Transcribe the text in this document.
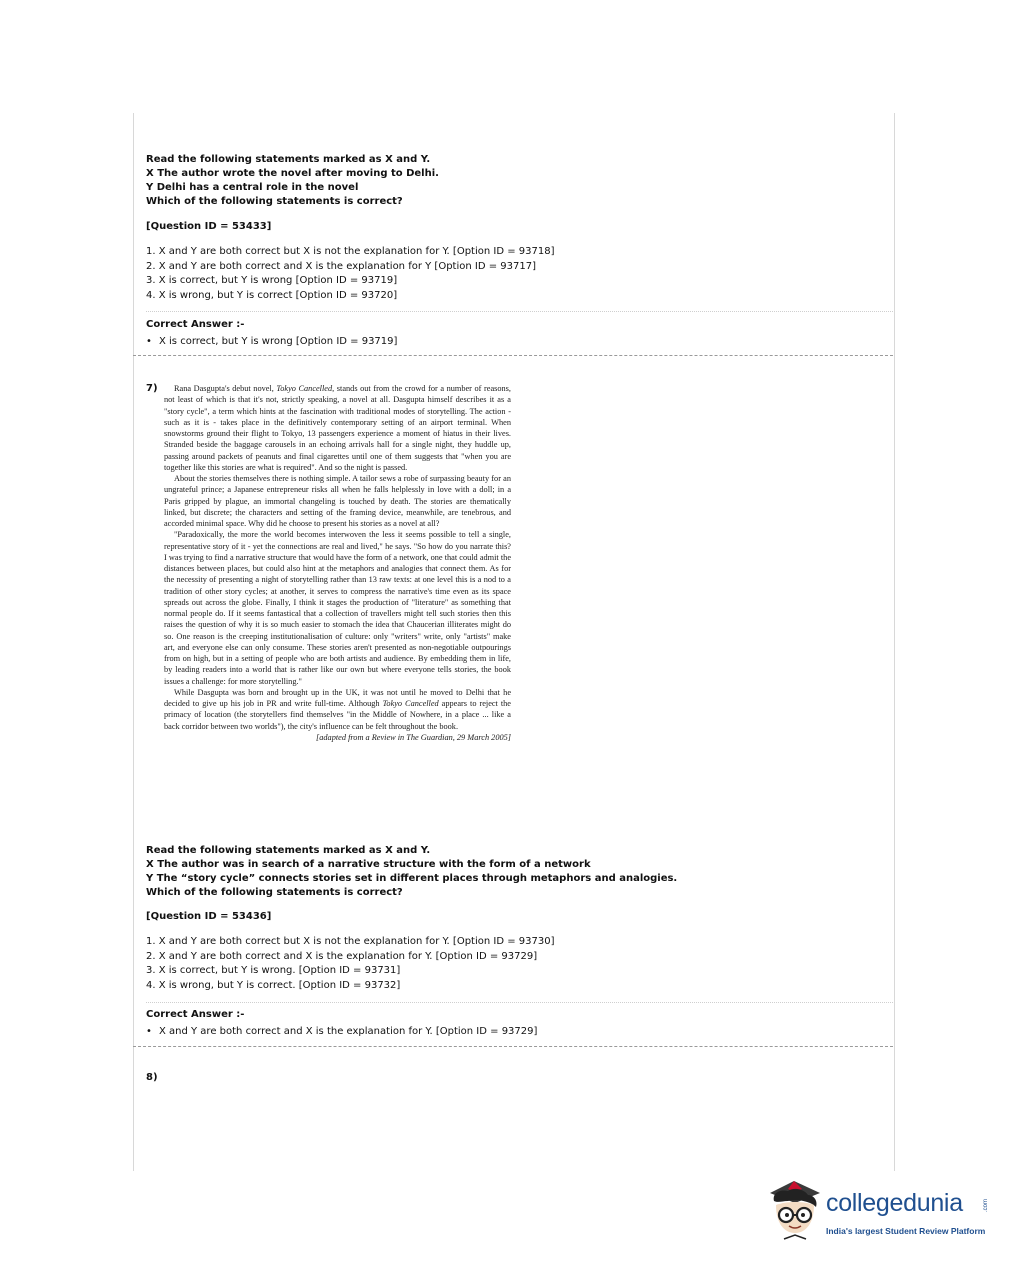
Read the following statements marked as X and Y.
X The author wrote the novel after moving to Delhi.
Y Delhi has a central role in the novel
Which of the following statements is correct?
[Question ID = 53433]
1. X and Y are both correct but X is not the explanation for Y. [Option ID = 93718]
2. X and Y are both correct and X is the explanation for Y [Option ID = 93717]
3. X is correct, but Y is wrong [Option ID = 93719]
4. X is wrong, but Y is correct [Option ID = 93720]
Correct Answer :-
• X is correct, but Y is wrong [Option ID = 93719]
7)	Rana Dasgupta's debut novel, Tokyo Cancelled, stands out from the crowd for a number of reasons, not least of which is that it's not, strictly speaking, a novel at all. Dasgupta himself describes it as a "story cycle", a term which hints at the fascination with traditional modes of storytelling. The action - such as it is - takes place in the definitively contemporary setting of an airport terminal. When snowstorms ground their flight to Tokyo, 13 passengers experience a moment of hiatus in their lives. Stranded beside the baggage carousels in an echoing arrivals hall for a single night, they huddle up, passing around packets of peanuts and final cigarettes until one of them suggests that "when you are together like this stories are what is required". And so the night is passed.

About the stories themselves there is nothing simple. A tailor sews a robe of surpassing beauty for an ungrateful prince; a Japanese entrepreneur risks all when he falls helplessly in love with a doll; in a Paris gripped by plague, an immortal changeling is touched by death. The stories are thematically linked, but discrete; the characters and setting of the framing device, meanwhile, are tenebrous, and accorded minimal space. Why did he choose to present his stories as a novel at all?

"Paradoxically, the more the world becomes interwoven the less it seems possible to tell a single, representative story of it - yet the connections are real and lived," he says. "So how do you narrate this? I was trying to find a narrative structure that would have the form of a network, one that could admit the distances between places, but could also hint at the metaphors and analogies that connect them. As for the necessity of presenting a night of storytelling rather than 13 raw texts: at one level this is a nod to a tradition of other story cycles; at another, it serves to compress the narrative's time even as its space spreads out across the globe. Finally, I think it stages the production of "literature" as something that normal people do. If it seems fantastical that a collection of travellers might tell such stories then this raises the question of why it is so much easier to stomach the idea that Chaucerian illiterates might do so. One reason is the creeping institutionalisation of culture: only "writers" write, only "artists" make art, and everyone else can only consume. These stories aren't presented as non-negotiable outpourings from on high, but in a setting of people who are both artists and audience. By embedding them in life, by leading readers into a world that is rather like our own but where everyone tells stories, the book issues a challenge: for more storytelling."

While Dasgupta was born and brought up in the UK, it was not until he moved to Delhi that he decided to give up his job in PR and write full-time. Although Tokyo Cancelled appears to reject the primacy of location (the storytellers find themselves "in the Middle of Nowhere, in a place ... like a back corridor between two worlds"), the city's influence can be felt throughout the book.

[adapted from a Review in The Guardian, 29 March 2005]

Read the following statements marked as X and Y.
X The author was in search of a narrative structure with the form of a network
Y The “story cycle” connects stories set in different places through metaphors and analogies.
Which of the following statements is correct?
[Question ID = 53436]
1. X and Y are both correct but X is not the explanation for Y. [Option ID = 93730]
2. X and Y are both correct and X is the explanation for Y. [Option ID = 93729]
3. X is correct, but Y is wrong. [Option ID = 93731]
4. X is wrong, but Y is correct. [Option ID = 93732]
Correct Answer :-
• X and Y are both correct and X is the explanation for Y. [Option ID = 93729]
8)
collegedunia	.com
India's largest Student Review Platform
